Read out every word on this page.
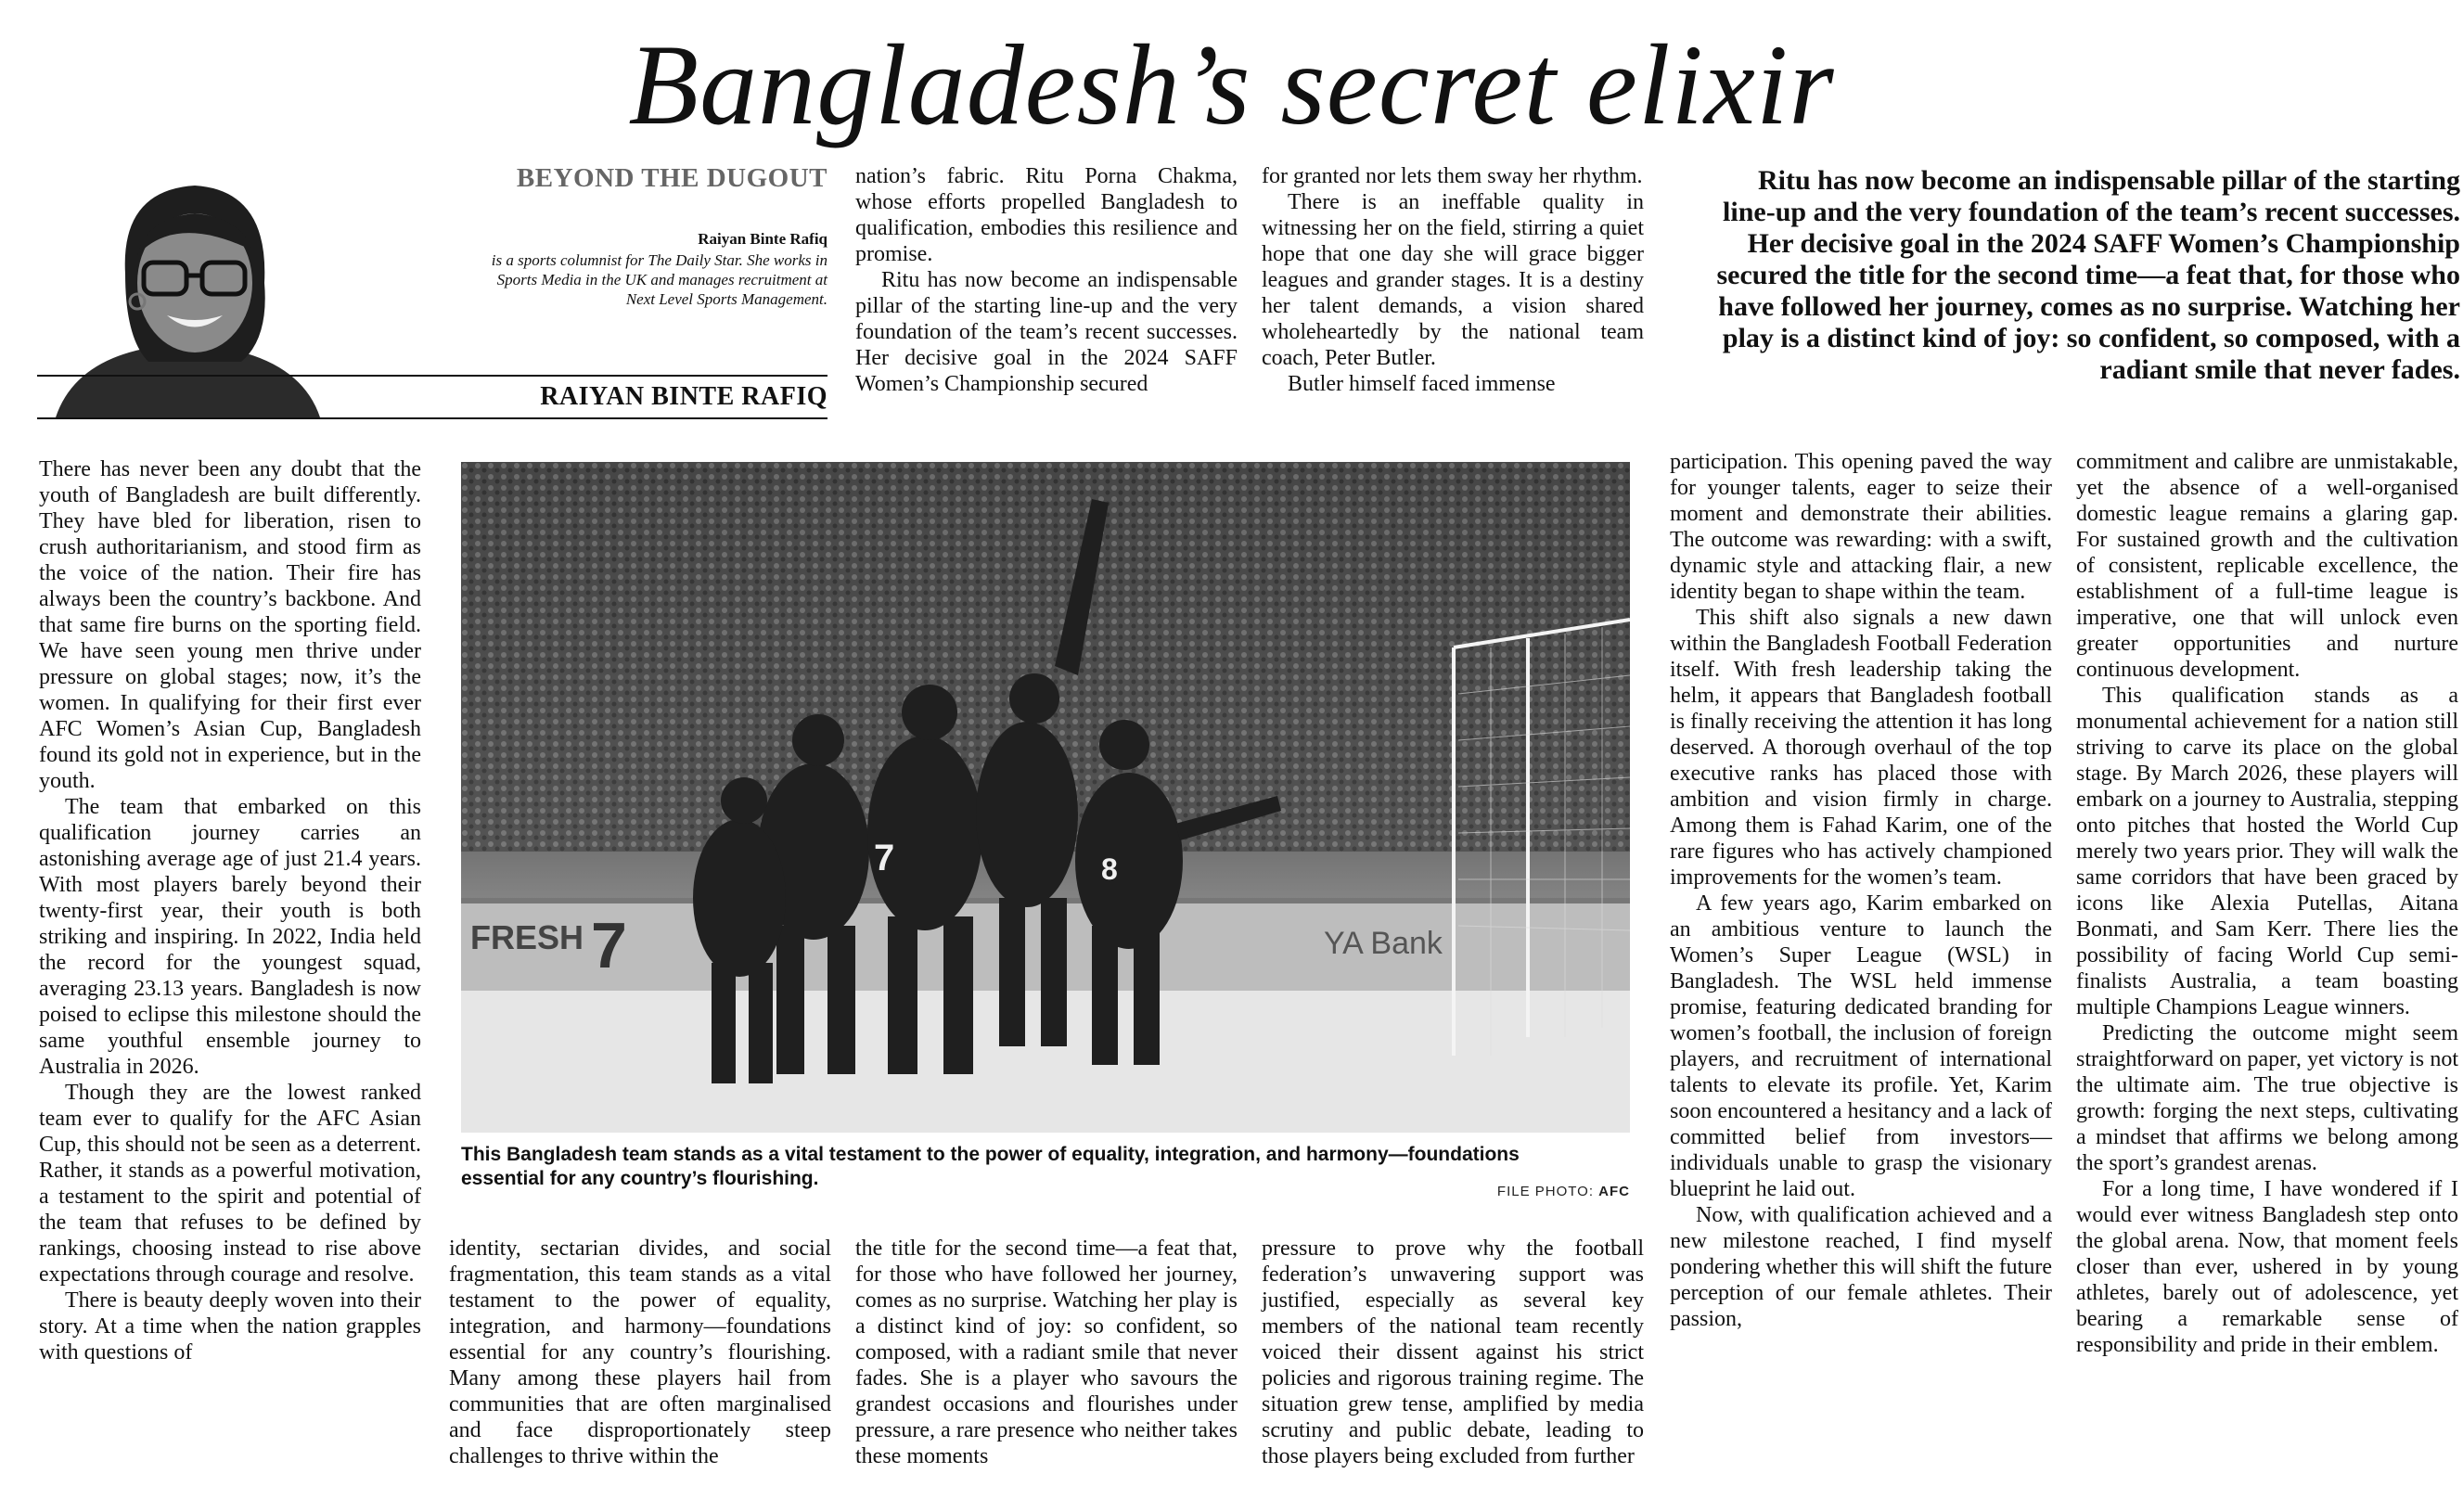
Bangladesh’s secret elixir
BEYOND THE DUGOUT
Raiyan Binte Rafiq
is a sports columnist for The Daily Star. She works in Sports Media in the UK and manages recruitment at Next Level Sports Management.
RAIYAN BINTE RAFIQ
Ritu has now become an indispensable pillar of the starting line-up and the very foundation of the team’s recent successes. Her decisive goal in the 2024 SAFF Women’s Championship secured the title for the second time—a feat that, for those who have followed her journey, comes as no surprise. Watching her play is a distinct kind of joy: so confident, so composed, with a radiant smile that never fades.

nation’s fabric. Ritu Porna Chakma, whose efforts propelled Bangladesh to qualification, embodies this resilience and promise.

Ritu has now become an indispensable pillar of the starting line-up and the very foundation of the team’s recent successes. Her decisive goal in the 2024 SAFF Women’s Championship secured

for granted nor lets them sway her rhythm.

There is an ineffable quality in witnessing her on the field, stirring a quiet hope that one day she will grace bigger leagues and grander stages. It is a destiny her talent demands, a vision shared wholeheartedly by the national team coach, Peter Butler.

Butler himself faced immense

There has never been any doubt that the youth of Bangladesh are built differently. They have bled for liberation, risen to crush authoritarianism, and stood firm as the voice of the nation. Their fire has always been the country’s backbone. And that same fire burns on the sporting field. We have seen young men thrive under pressure on global stages; now, it’s the women. In qualifying for their first ever AFC Women’s Asian Cup, Bangladesh found its gold not in experience, but in the youth.

The team that embarked on this qualification journey carries an astonishing average age of just 21.4 years. With most players barely beyond their twenty-first year, their youth is both striking and inspiring. In 2022, India held the record for the youngest squad, averaging 23.13 years. Bangladesh is now poised to eclipse this milestone should the same youthful ensemble journey to Australia in 2026.

Though they are the lowest ranked team ever to qualify for the AFC Asian Cup, this should not be seen as a deterrent. Rather, it stands as a powerful motivation, a testament to the spirit and potential of the team that refuses to be defined by rankings, choosing instead to rise above expectations through courage and resolve.

There is beauty deeply woven into their story. At a time when the nation grapples with questions of

FRESH 7	YA Bank
7	8
This Bangladesh team stands as a vital testament to the power of equality, integration, and harmony—foundations essential for any country’s flourishing.
FILE PHOTO: AFC

identity, sectarian divides, and social fragmentation, this team stands as a vital testament to the power of equality, integration, and harmony—foundations essential for any country’s flourishing. Many among these players hail from communities that are often marginalised and face disproportionately steep challenges to thrive within the

the title for the second time—a feat that, for those who have followed her journey, comes as no surprise. Watching her play is a distinct kind of joy: so confident, so composed, with a radiant smile that never fades. She is a player who savours the grandest occasions and flourishes under pressure, a rare presence who neither takes these moments

pressure to prove why the football federation’s unwavering support was justified, especially as several key members of the national team recently voiced their dissent against his strict policies and rigorous training regime. The situation grew tense, amplified by media scrutiny and public debate, leading to those players being excluded from further

participation. This opening paved the way for younger talents, eager to seize their moment and demonstrate their abilities. The outcome was rewarding: with a swift, dynamic style and attacking flair, a new identity began to shape within the team.

This shift also signals a new dawn within the Bangladesh Football Federation itself. With fresh leadership taking the helm, it appears that Bangladesh football is finally receiving the attention it has long deserved. A thorough overhaul of the top executive ranks has placed those with ambition and vision firmly in charge. Among them is Fahad Karim, one of the rare figures who has actively championed improvements for the women’s team.

A few years ago, Karim embarked on an ambitious venture to launch the Women’s Super League (WSL) in Bangladesh. The WSL held immense promise, featuring dedicated branding for women’s football, the inclusion of foreign players, and recruitment of international talents to elevate its profile. Yet, Karim soon encountered a hesitancy and a lack of committed belief from investors—individuals unable to grasp the visionary blueprint he laid out.

Now, with qualification achieved and a new milestone reached, I find myself pondering whether this will shift the future perception of our female athletes. Their passion,

commitment and calibre are unmistakable, yet the absence of a well-organised domestic league remains a glaring gap. For sustained growth and the cultivation of consistent, replicable excellence, the establishment of a full-time league is imperative, one that will unlock even greater opportunities and nurture continuous development.

This qualification stands as a monumental achievement for a nation still striving to carve its place on the global stage. By March 2026, these players will embark on a journey to Australia, stepping onto pitches that hosted the World Cup merely two years prior. They will walk the same corridors that have been graced by icons like Alexia Putellas, Aitana Bonmati, and Sam Kerr. There lies the possibility of facing World Cup semi-finalists Australia, a team boasting multiple Champions League winners.

Predicting the outcome might seem straightforward on paper, yet victory is not the ultimate aim. The true objective is growth: forging the next steps, cultivating a mindset that affirms we belong among the sport’s grandest arenas.

For a long time, I have wondered if I would ever witness Bangladesh step onto the global arena. Now, that moment feels closer than ever, ushered in by young athletes, barely out of adolescence, yet bearing a remarkable sense of responsibility and pride in their emblem.
